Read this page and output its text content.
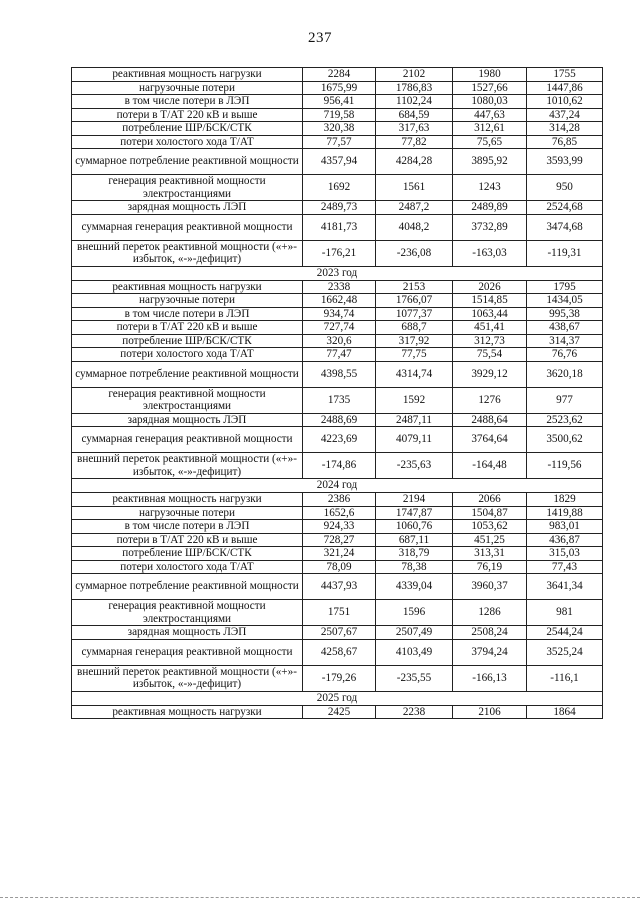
237
реактивная мощность нагрузки	2284	2102	1980	1755
нагрузочные потери	1675,99	1786,83	1527,66	1447,86
в том числе потери в ЛЭП	956,41	1102,24	1080,03	1010,62
потери в Т/АТ 220 кВ и выше	719,58	684,59	447,63	437,24
потребление ШР/БСК/СТК	320,38	317,63	312,61	314,28
потери холостого хода Т/АТ	77,57	77,82	75,65	76,85
суммарное потребление реактивной мощности	4357,94	4284,28	3895,92	3593,99
генерация реактивной мощности электростанциями	1692	1561	1243	950
зарядная мощность ЛЭП	2489,73	2487,2	2489,89	2524,68
суммарная генерация реактивной мощности	4181,73	4048,2	3732,89	3474,68
внешний переток реактивной мощности («+»-избыток, «-»-дефицит)	-176,21	-236,08	-163,03	-119,31
2023 год				
реактивная мощность нагрузки	2338	2153	2026	1795
нагрузочные потери	1662,48	1766,07	1514,85	1434,05
в том числе потери в ЛЭП	934,74	1077,37	1063,44	995,38
потери в Т/АТ 220 кВ и выше	727,74	688,7	451,41	438,67
потребление ШР/БСК/СТК	320,6	317,92	312,73	314,37
потери холостого хода Т/АТ	77,47	77,75	75,54	76,76
суммарное потребление реактивной мощности	4398,55	4314,74	3929,12	3620,18
генерация реактивной мощности электростанциями	1735	1592	1276	977
зарядная мощность ЛЭП	2488,69	2487,11	2488,64	2523,62
суммарная генерация реактивной мощности	4223,69	4079,11	3764,64	3500,62
внешний переток реактивной мощности («+»-избыток, «-»-дефицит)	-174,86	-235,63	-164,48	-119,56
2024 год				
реактивная мощность нагрузки	2386	2194	2066	1829
нагрузочные потери	1652,6	1747,87	1504,87	1419,88
в том числе потери в ЛЭП	924,33	1060,76	1053,62	983,01
потери в Т/АТ 220 кВ и выше	728,27	687,11	451,25	436,87
потребление ШР/БСК/СТК	321,24	318,79	313,31	315,03
потери холостого хода Т/АТ	78,09	78,38	76,19	77,43
суммарное потребление реактивной мощности	4437,93	4339,04	3960,37	3641,34
генерация реактивной мощности электростанциями	1751	1596	1286	981
зарядная мощность ЛЭП	2507,67	2507,49	2508,24	2544,24
суммарная генерация реактивной мощности	4258,67	4103,49	3794,24	3525,24
внешний переток реактивной мощности («+»-избыток, «-»-дефицит)	-179,26	-235,55	-166,13	-116,1
2025 год				
реактивная мощность нагрузки	2425	2238	2106	1864
